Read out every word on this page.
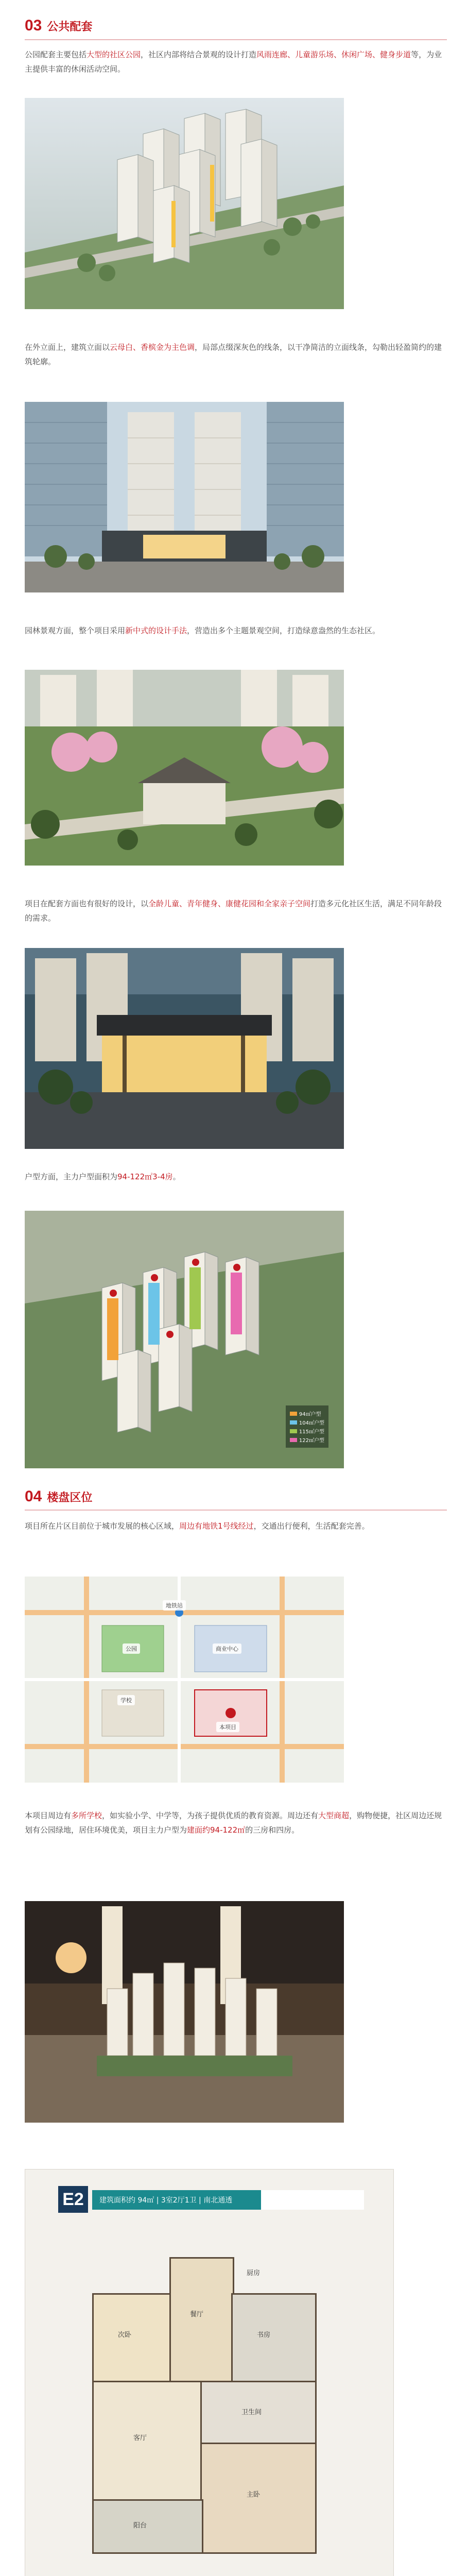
03 公共配套

公园配套主要包括大型的社区公园，社区内部将结合景观的设计打造风雨连廊、儿童游乐场、休闲广场、健身步道等，为业主提供丰富的休闲活动空间。

在外立面上，建筑立面以云母白、香槟金为主色调，局部点缀深灰色的线条，以干净简洁的立面线条，勾勒出轻盈简约的建筑轮廓。

园林景观方面，整个项目采用新中式的设计手法，营造出多个主题景观空间，打造绿意盎然的生态社区。

项目在配套方面也有很好的设计，以全龄儿童、青年健身、康健花园和全家亲子空间打造多元化社区生活，满足不同年龄段的需求。

户型方面，主力户型面积为94-122㎡3-4房。

94㎡户型
104㎡户型
115㎡户型
122㎡户型
04 楼盘区位

项目所在片区目前位于城市发展的核心区域，周边有地铁1号线经过，交通出行便利，生活配套完善。

地铁站
学校
商业中心
公园
本项目

本项目周边有多所学校，如实验小学、中学等，为孩子提供优质的教育资源。周边还有大型商超，购物便捷，社区周边还规划有公园绿地，居住环境优美，项目主力户型为建面约94-122㎡的三房和四房。

E2	建筑面积约 94㎡ | 3室2厅1卫 | 南北通透
次卧
餐厅
书房
客厅
卫生间
主卧
阳台
厨房
